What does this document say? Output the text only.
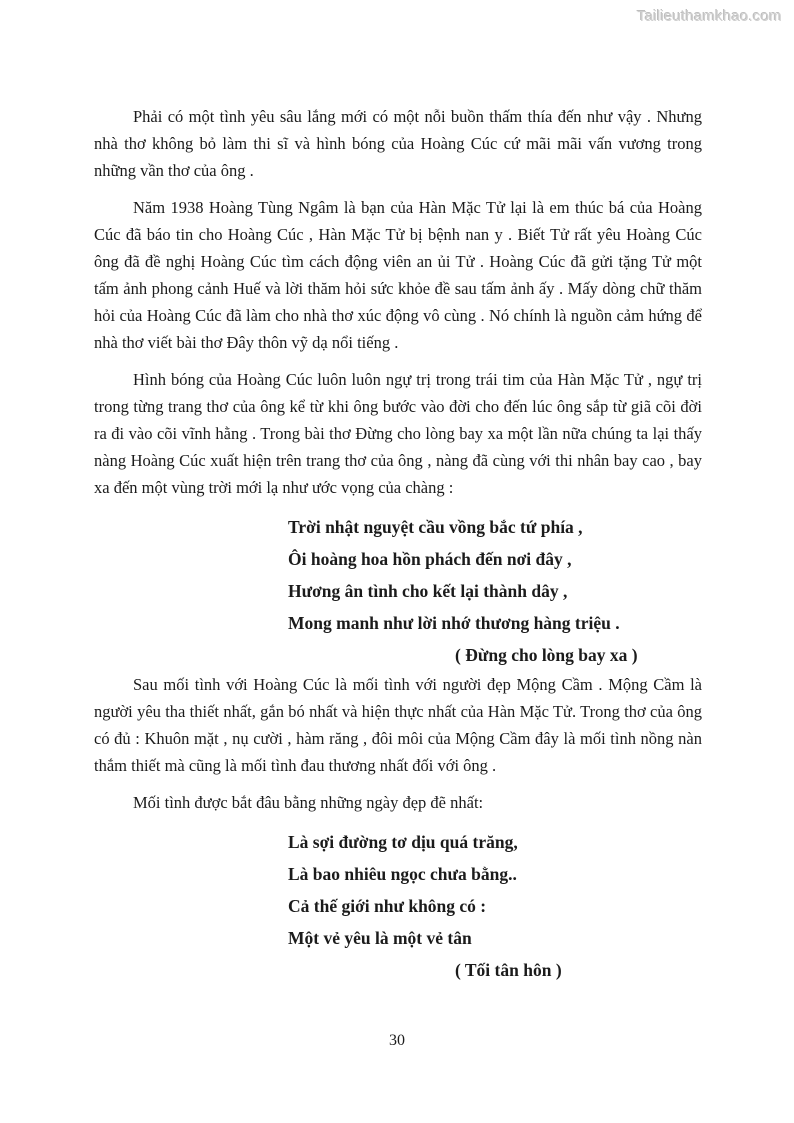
Tailieuthamkhao.com

Phải có một tình yêu sâu lắng mới có một nỗi buồn thấm thía đến như vậy . Nhưng nhà thơ không bỏ làm thi sĩ và hình bóng của Hoàng Cúc cứ mãi mãi vấn vương trong những vần thơ của ông .

Năm 1938 Hoàng Tùng Ngâm là bạn của Hàn Mặc Tử lại là em thúc bá của Hoàng Cúc đã báo tin cho Hoàng Cúc , Hàn Mặc Tử bị bệnh nan y . Biết Tử rất yêu Hoàng Cúc ông đã đề nghị Hoàng Cúc tìm cách động viên an ủi Tử . Hoàng Cúc đã gửi tặng Tử một tấm ảnh phong cảnh Huế và lời thăm hỏi sức khỏe đề sau tấm ảnh ấy . Mấy dòng chữ thăm hỏi của Hoàng Cúc đã làm cho nhà thơ xúc động vô cùng . Nó chính là nguồn cảm hứng để nhà thơ viết bài thơ Đây thôn vỹ dạ nổi tiếng .

Hình bóng của Hoàng Cúc luôn luôn ngự trị trong trái tim của Hàn Mặc Tử , ngự trị trong từng trang thơ của ông kể từ khi ông bước vào đời cho đến lúc ông sắp từ giã cõi đời ra đi vào cõi vĩnh hằng . Trong bài thơ Đừng cho lòng bay xa một lần nữa chúng ta lại thấy nàng Hoàng Cúc xuất hiện trên trang thơ của ông , nàng đã cùng với thi nhân bay cao , bay xa đến một vùng trời mới lạ như ước vọng của chàng :

Trời nhật nguyệt cầu vồng bắc tứ phía ,

Ôi hoàng hoa hồn phách đến nơi đây ,

Hương ân tình cho kết lại thành dây ,

Mong manh như lời nhớ thương hàng triệu .

( Đừng cho lòng bay xa )

Sau mối tình với Hoàng Cúc là mối tình với người đẹp Mộng Cầm . Mộng Cầm là người yêu tha thiết nhất, gắn bó nhất và hiện thực nhất của Hàn Mặc Tử. Trong thơ của ông có đủ : Khuôn mặt , nụ cười , hàm răng , đôi môi của Mộng Cầm đây là mối tình nồng nàn thắm thiết mà cũng là mối tình đau thương nhất đối với ông .

Mối tình được bắt đâu bằng những ngày đẹp đẽ nhất:

Là sợi đường tơ dịu quá trăng,

Là bao nhiêu ngọc chưa bằng..

Cả thế giới như không có :

Một vẻ yêu là một vẻ tân

( Tối tân hôn )

30
